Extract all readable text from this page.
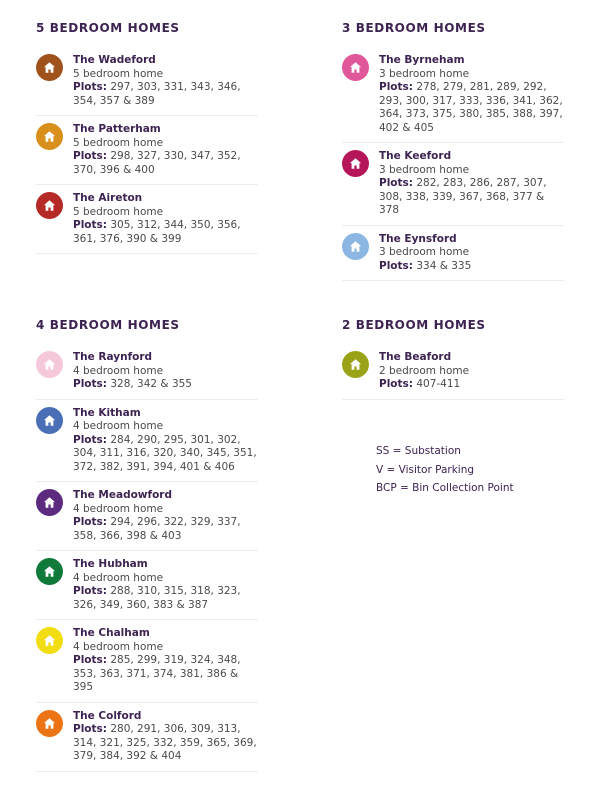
5 BEDROOM HOMES
The Wadeford
5 bedroom home
Plots: 297, 303, 331, 343, 346, 354, 357 & 389
The Patterham
5 bedroom home
Plots: 298, 327, 330, 347, 352, 370, 396 & 400
The Aireton
5 bedroom home
Plots: 305, 312, 344, 350, 356, 361, 376, 390 & 399
3 BEDROOM HOMES
The Byrneham
3 bedroom home
Plots: 278, 279, 281, 289, 292, 293, 300, 317, 333, 336, 341, 362, 364, 373, 375, 380, 385, 388, 397, 402 & 405
The Keeford
3 bedroom home
Plots: 282, 283, 286, 287, 307, 308, 338, 339, 367, 368, 377 & 378
The Eynsford
3 bedroom home
Plots: 334 & 335
4 BEDROOM HOMES
The Raynford
4 bedroom home
Plots: 328, 342 & 355
The Kitham
4 bedroom home
Plots: 284, 290, 295, 301, 302, 304, 311, 316, 320, 340, 345, 351, 372, 382, 391, 394, 401 & 406
The Meadowford
4 bedroom home
Plots: 294, 296, 322, 329, 337, 358, 366, 398 & 403
The Hubham
4 bedroom home
Plots: 288, 310, 315, 318, 323, 326, 349, 360, 383 & 387
The Chalham
4 bedroom home
Plots: 285, 299, 319, 324, 348, 353, 363, 371, 374, 381, 386 & 395
The Colford
Plots: 280, 291, 306, 309, 313, 314, 321, 325, 332, 359, 365, 369, 379, 384, 392 & 404
2 BEDROOM HOMES
The Beaford
2 bedroom home
Plots: 407-411
SS = Substation
V = Visitor Parking
BCP = Bin Collection Point
